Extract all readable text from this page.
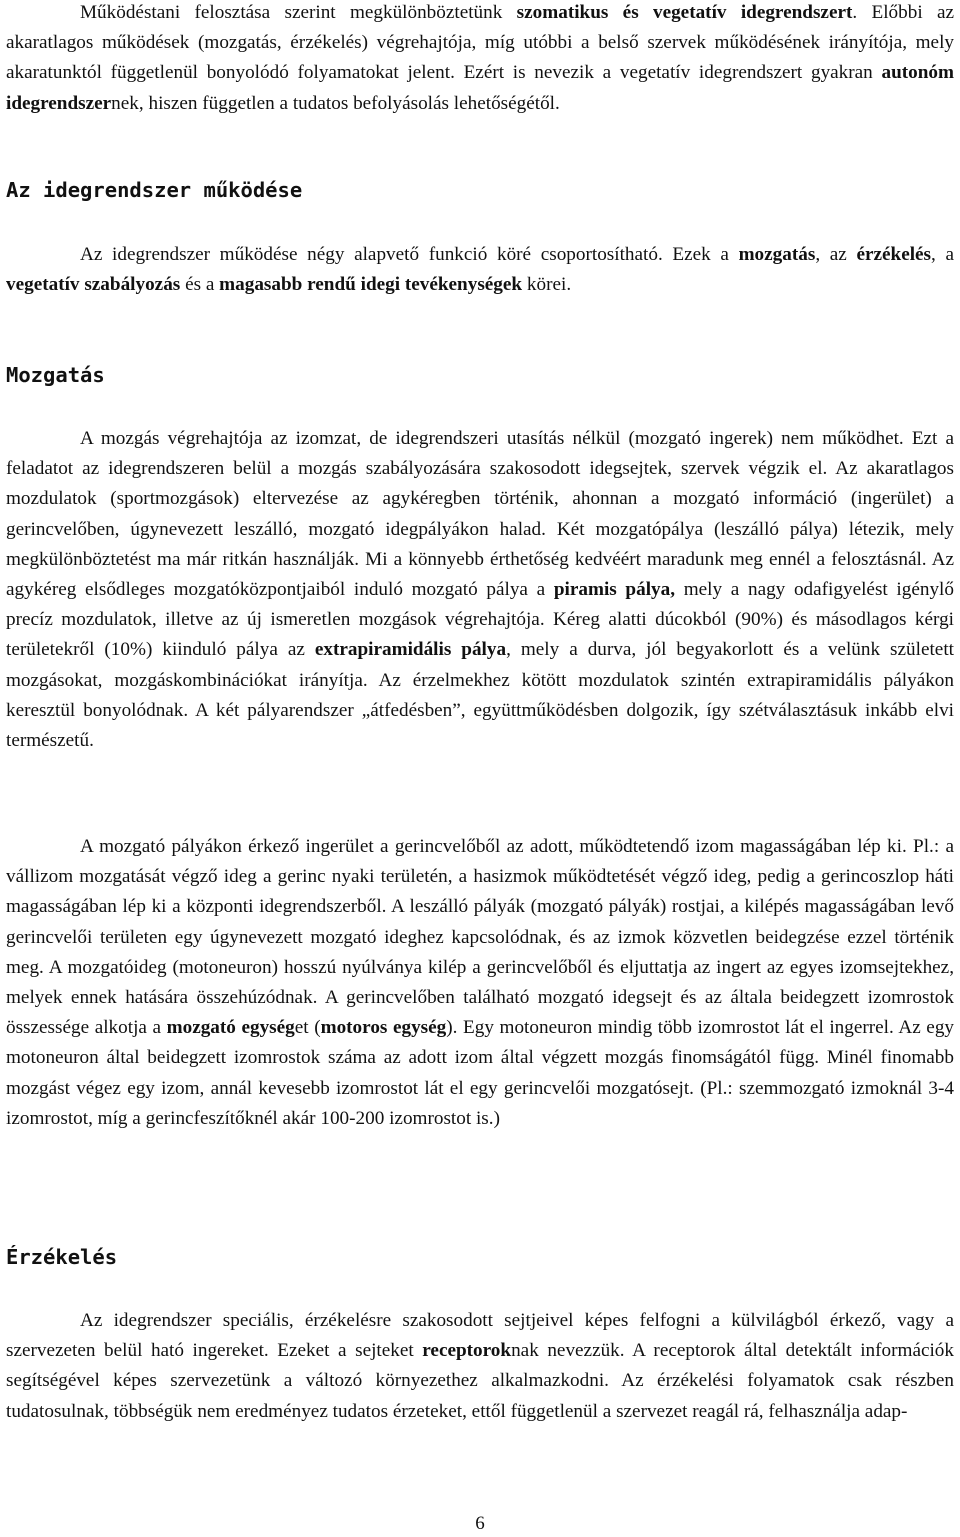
Működéstani felosztása szerint megkülönböztetünk szomatikus és vegetatív idegrendszert. Előbbi az akaratlagos működések (mozgatás, érzékelés) végrehajtója, míg utóbbi a belső szervek működésének irányítója, mely akaratunktól függetlenül bonyolódó folyamatokat jelent. Ezért is nevezik a vegetatív idegrendszert gyakran autonóm idegrendszernek, hiszen független a tudatos befolyásolás lehetőségétől.

Az idegrendszer működése

Az idegrendszer működése négy alapvető funkció köré csoportosítható. Ezek a mozgatás, az érzékelés, a vegetatív szabályozás és a magasabb rendű idegi tevékenységek körei.

Mozgatás

A mozgás végrehajtója az izomzat, de idegrendszeri utasítás nélkül (mozgató ingerek) nem működhet. Ezt a feladatot az idegrendszeren belül a mozgás szabályozására szakosodott idegsejtek, szervek végzik el. Az akaratlagos mozdulatok (sportmozgások) eltervezése az agykéregben történik, ahonnan a mozgató információ (ingerület) a gerincvelőben, úgynevezett leszálló, mozgató idegpályákon halad. Két mozgatópálya (leszálló pálya) létezik, mely megkülönböztetést ma már ritkán használják. Mi a könnyebb érthetőség kedvéért maradunk meg ennél a felosztásnál. Az agykéreg elsődleges mozgatóközpontjaiból induló mozgató pálya a piramis pálya, mely a nagy odafigyelést igénylő precíz mozdulatok, illetve az új ismeretlen mozgások végrehajtója. Kéreg alatti dúcokból (90%) és másodlagos kérgi területekről (10%) kiinduló pálya az extrapiramidális pálya, mely a durva, jól begyakorlott és a velünk született mozgásokat, mozgáskombinációkat irányítja. Az érzelmekhez kötött mozdulatok szintén extrapiramidális pályákon keresztül bonyolódnak. A két pályarendszer „átfedésben”, együttműködésben dolgozik, így szétválasztásuk inkább elvi természetű.

A mozgató pályákon érkező ingerület a gerincvelőből az adott, működtetendő izom magasságában lép ki. Pl.: a vállizom mozgatását végző ideg a gerinc nyaki területén, a hasizmok működtetését végző ideg, pedig a gerincoszlop háti magasságában lép ki a központi idegrendszerből. A leszálló pályák (mozgató pályák) rostjai, a kilépés magasságában levő gerincvelői területen egy úgynevezett mozgató ideghez kapcsolódnak, és az izmok közvetlen beidegzése ezzel történik meg. A mozgatóideg (motoneuron) hosszú nyúlványa kilép a gerincvelőből és eljuttatja az ingert az egyes izomsejtekhez, melyek ennek hatására összehúzódnak. A gerincvelőben található mozgató idegsejt és az általa beidegzett izomrostok összessége alkotja a mozgató egységet (motoros egység). Egy motoneuron mindig több izomrostot lát el ingerrel. Az egy motoneuron által beidegzett izomrostok száma az adott izom által végzett mozgás finomságától függ. Minél finomabb mozgást végez egy izom, annál kevesebb izomrostot lát el egy gerincvelői mozgatósejt. (Pl.: szemmozgató izmoknál 3-4 izomrostot, míg a gerincfeszítőknél akár 100-200 izomrostot is.)

Érzékelés

Az idegrendszer speciális, érzékelésre szakosodott sejtjeivel képes felfogni a külvilágból érkező, vagy a szervezeten belül ható ingereket. Ezeket a sejteket receptoroknak nevezzük. A receptorok által detektált információk segítségével képes szervezetünk a változó környezethez alkalmazkodni. Az érzékelési folyamatok csak részben tudatosulnak, többségük nem eredményez tudatos érzeteket, ettől függetlenül a szervezet reagál rá, felhasználja adap-

6
